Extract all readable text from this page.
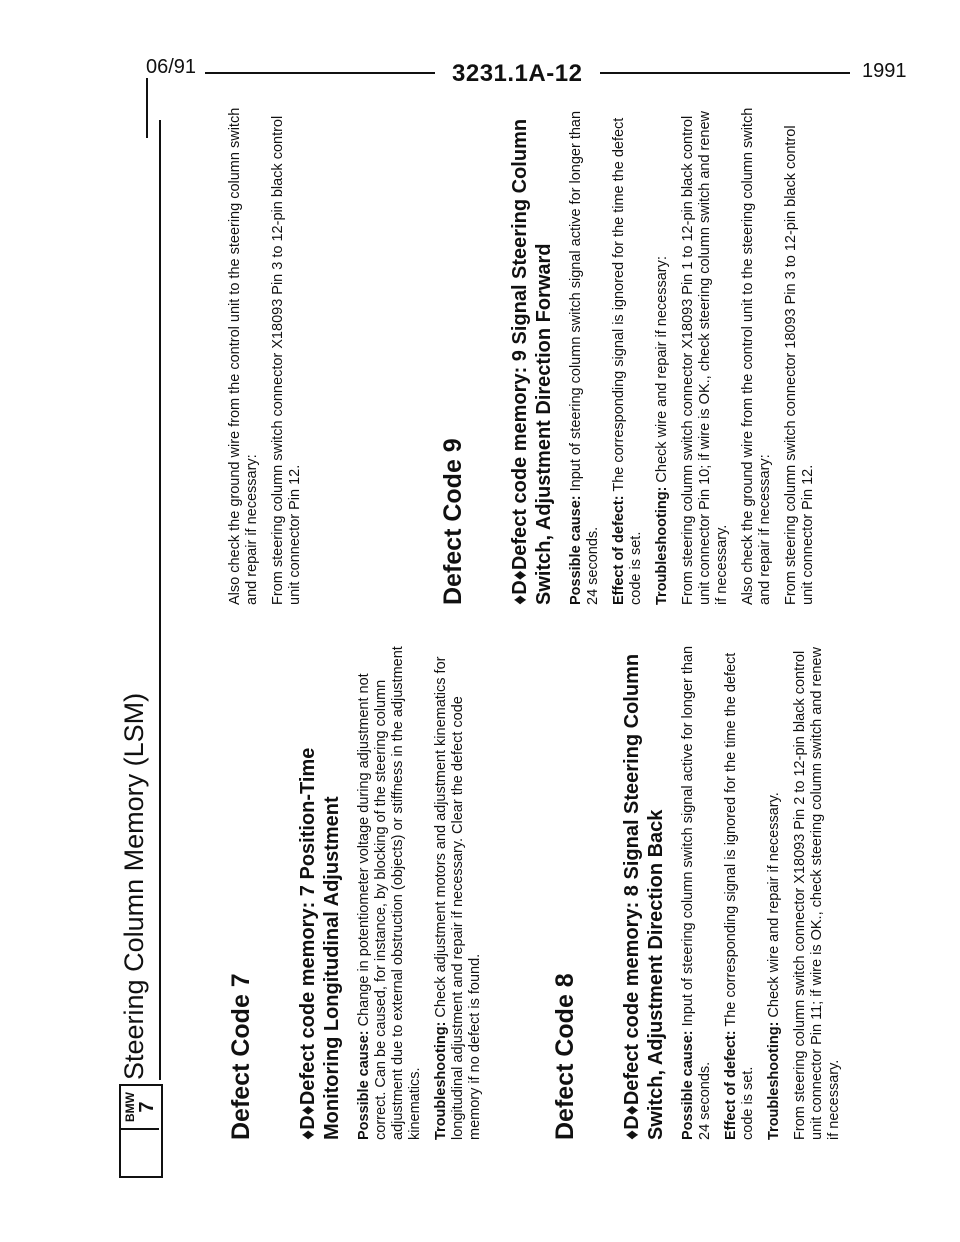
06/91	3231.1A-12	1991
BMW 7
Steering Column Memory (LSM)	Defect Code 7 ♦D♦Defect code memory: 7 Position-Time Monitoring Longitudinal Adjustment Possible cause: Change in potentiometer voltage during adjustment not correct. Can be caused, for instance, by blocking of the steering column adjustment due to external obstruction (objects) or stiffness in the adjustment kinematics. Troubleshooting: Check adjustment motors and adjustment kinematics for longitudinal adjustment and repair if necessary. Clear the defect code memory if no defect is found.	Defect Code 8 ♦D♦Defect code memory: 8 Signal Steering Column Switch, Adjustment Direction Back Possible cause: Input of steering column switch signal active for longer than 24 seconds. Effect of defect: The corresponding signal is ignored for the time the defect code is set. Troubleshooting: Check wire and repair if necessary. From steering column switch connector X18093 Pin 2 to 12-pin black control unit connector Pin 11; if wire is OK., check steering column switch and renew if necessary.

Also check the ground wire from the control unit to the steering column switch and repair if necessary: From steering column switch connector X18093 Pin 3 to 12-pin black control unit connector Pin 12.	Defect Code 9 ♦D♦Defect code memory: 9 Signal Steering Column Switch, Adjustment Direction Forward Possible cause: Input of steering column switch signal active for longer than 24 seconds. Effect of defect: The corresponding signal is ignored for the time the defect code is set. Troubleshooting: Check wire and repair if necessary: From steering column switch connector X18093 Pin 1 to 12-pin black control unit connector Pin 10; if wire is OK., check steering column switch and renew if necessary. Also check the ground wire from the control unit to the steering column switch and repair if necessary: From steering column switch connector 18093 Pin 3 to 12-pin black control unit connector Pin 12.
